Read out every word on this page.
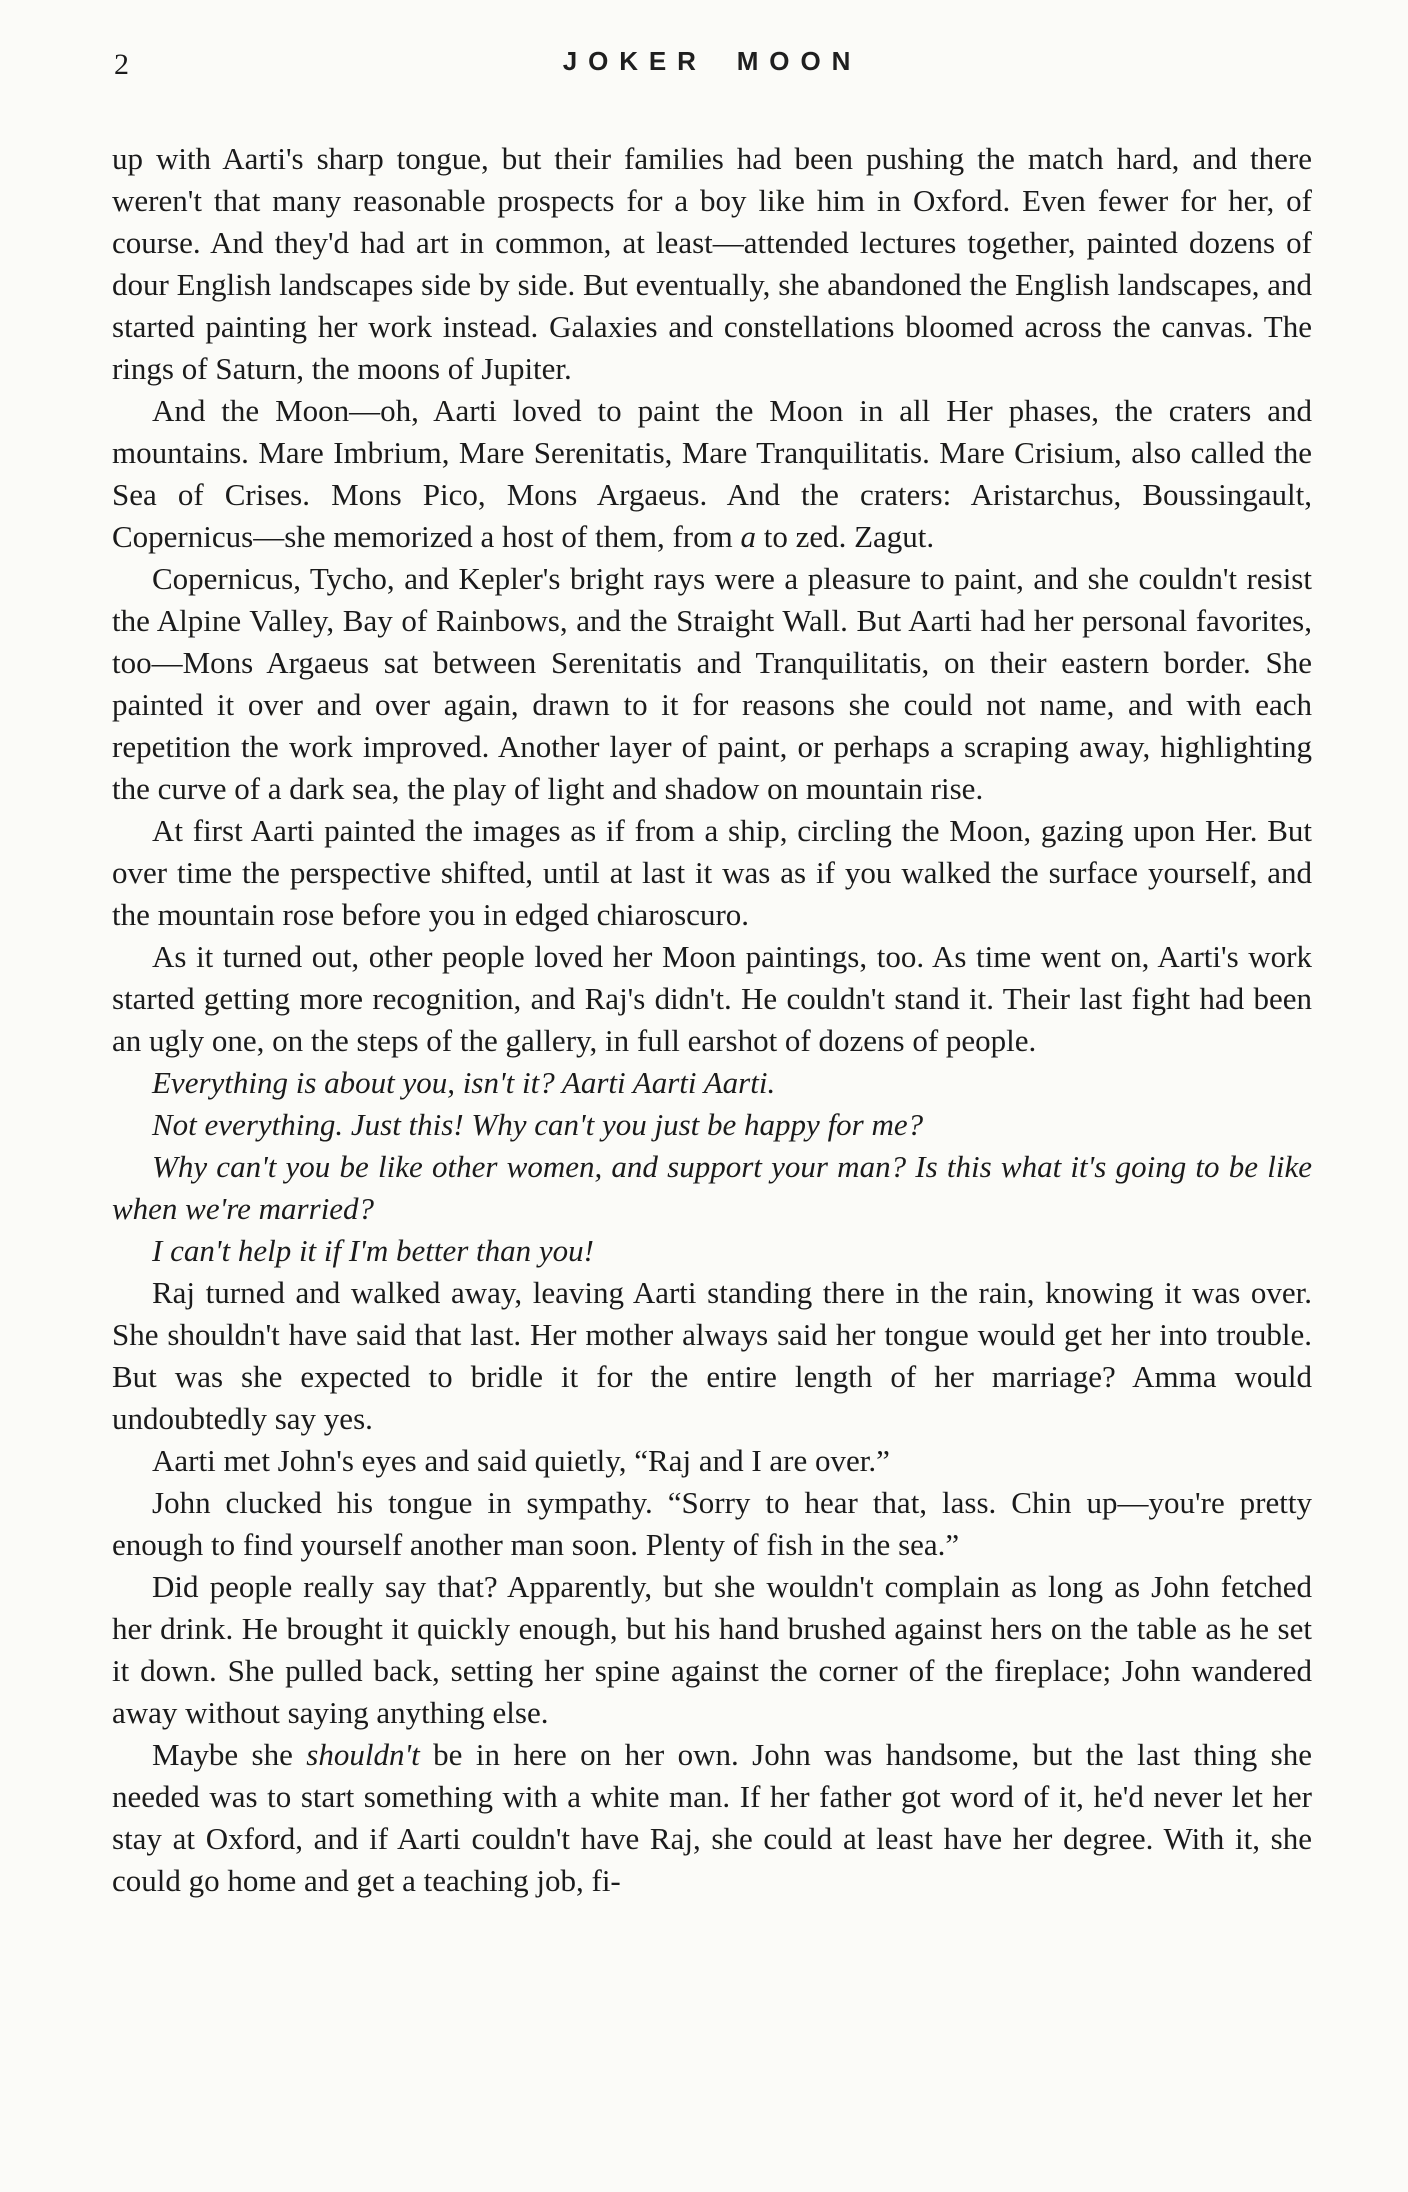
2	JOKER MOON

up with Aarti's sharp tongue, but their families had been pushing the match hard, and there weren't that many reasonable prospects for a boy like him in Oxford. Even fewer for her, of course. And they'd had art in common, at least—attended lectures together, painted dozens of dour English landscapes side by side. But eventually, she abandoned the English landscapes, and started painting her work instead. Galaxies and constellations bloomed across the canvas. The rings of Saturn, the moons of Jupiter.

And the Moon—oh, Aarti loved to paint the Moon in all Her phases, the craters and mountains. Mare Imbrium, Mare Serenitatis, Mare Tranquilitatis. Mare Crisium, also called the Sea of Crises. Mons Pico, Mons Argaeus. And the craters: Aristarchus, Boussingault, Copernicus—she memorized a host of them, from a to zed. Zagut.

Copernicus, Tycho, and Kepler's bright rays were a pleasure to paint, and she couldn't resist the Alpine Valley, Bay of Rainbows, and the Straight Wall. But Aarti had her personal favorites, too—Mons Argaeus sat between Serenitatis and Tranquilitatis, on their eastern border. She painted it over and over again, drawn to it for reasons she could not name, and with each repetition the work improved. Another layer of paint, or perhaps a scraping away, highlighting the curve of a dark sea, the play of light and shadow on mountain rise.

At first Aarti painted the images as if from a ship, circling the Moon, gazing upon Her. But over time the perspective shifted, until at last it was as if you walked the surface yourself, and the mountain rose before you in edged chiaroscuro.

As it turned out, other people loved her Moon paintings, too. As time went on, Aarti's work started getting more recognition, and Raj's didn't. He couldn't stand it. Their last fight had been an ugly one, on the steps of the gallery, in full earshot of dozens of people.

Everything is about you, isn't it? Aarti Aarti Aarti.

Not everything. Just this! Why can't you just be happy for me?

Why can't you be like other women, and support your man? Is this what it's going to be like when we're married?

I can't help it if I'm better than you!

Raj turned and walked away, leaving Aarti standing there in the rain, knowing it was over. She shouldn't have said that last. Her mother always said her tongue would get her into trouble. But was she expected to bridle it for the entire length of her marriage? Amma would undoubtedly say yes.

Aarti met John's eyes and said quietly, “Raj and I are over.”

John clucked his tongue in sympathy. “Sorry to hear that, lass. Chin up—you're pretty enough to find yourself another man soon. Plenty of fish in the sea.”

Did people really say that? Apparently, but she wouldn't complain as long as John fetched her drink. He brought it quickly enough, but his hand brushed against hers on the table as he set it down. She pulled back, setting her spine against the corner of the fireplace; John wandered away without saying anything else.

Maybe she shouldn't be in here on her own. John was handsome, but the last thing she needed was to start something with a white man. If her father got word of it, he'd never let her stay at Oxford, and if Aarti couldn't have Raj, she could at least have her degree. With it, she could go home and get a teaching job, fi-
